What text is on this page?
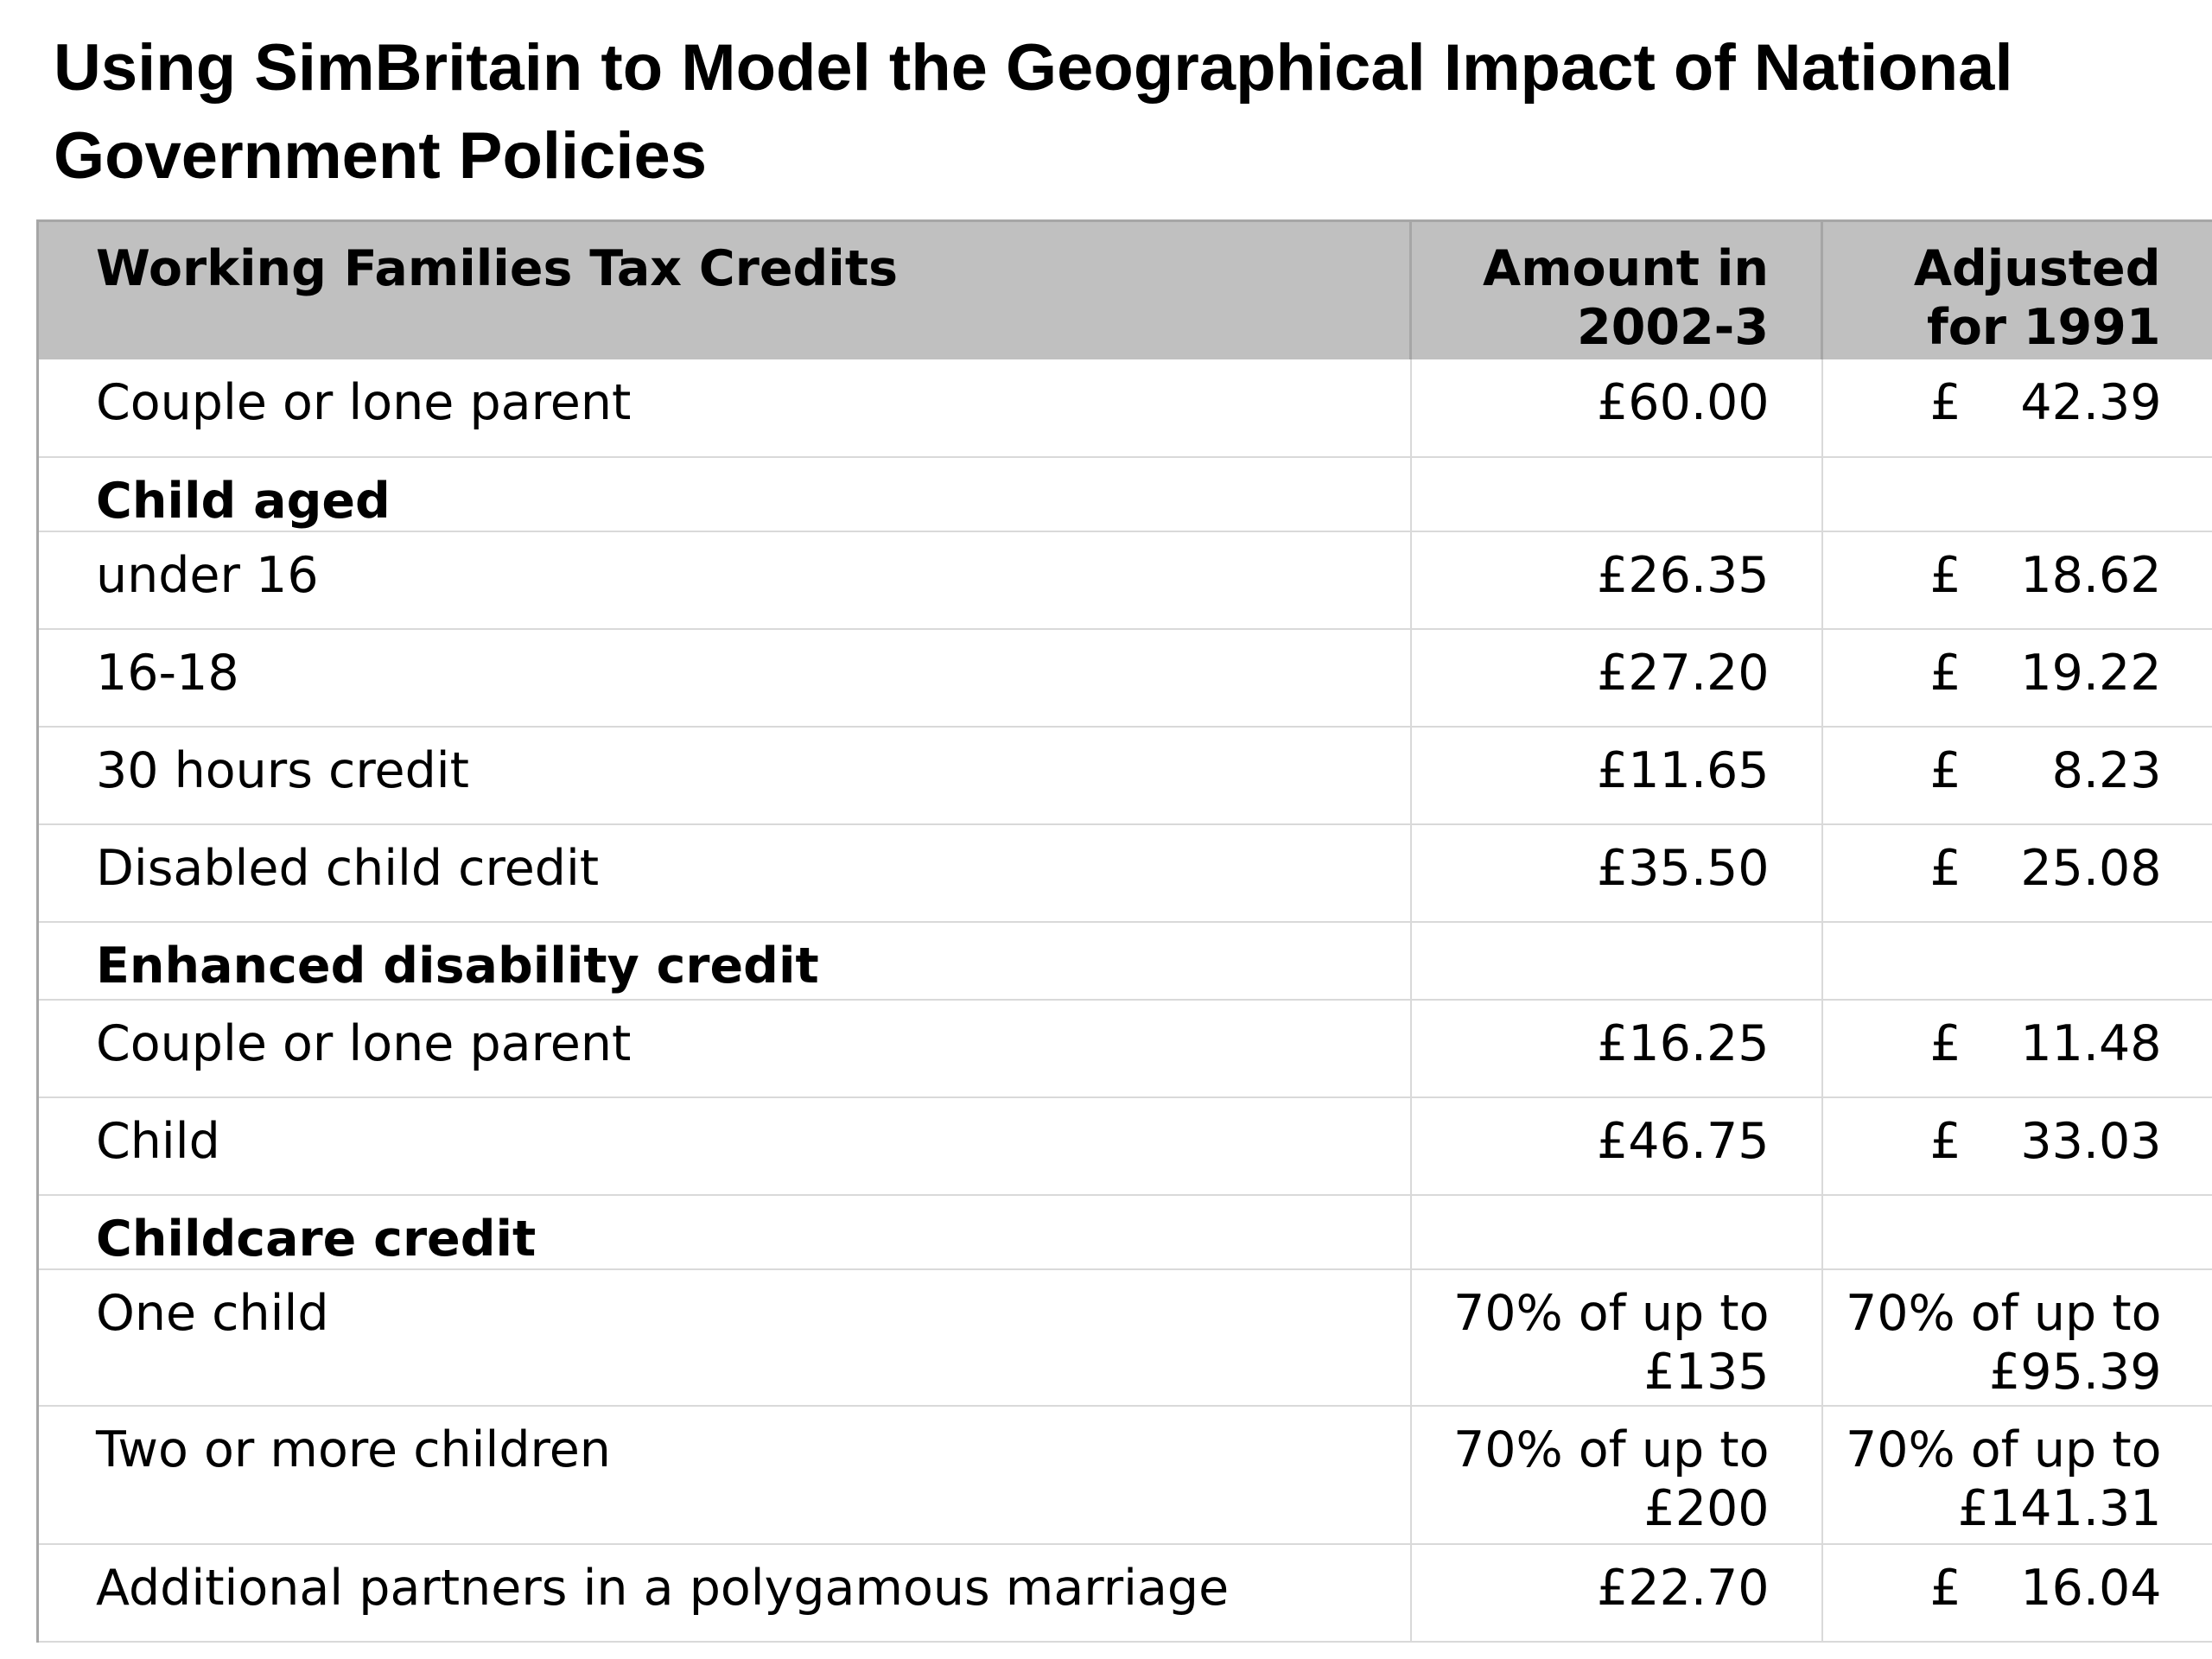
Using SimBritain to Model the Geographical Impact of National Government Policies
Working Families Tax Credits	Amount in 2002-3	Adjusted for 1991
Couple or lone parent	£60.00	£ 42.39

Child aged		
under 16	£26.35	£ 18.62

16-18	£27.20	£ 19.22

30 hours credit	£11.65	£ 8.23

Disabled child credit	£35.50	£ 25.08

Enhanced disability credit		
Couple or lone parent	£16.25	£ 11.48

Child	£46.75	£ 33.03

Childcare credit		
One child	70% of up to £135	70% of up to £95.39
Two or more children	70% of up to £200	70% of up to £141.31
Additional partners in a polygamous marriage	£22.70	£ 16.04
